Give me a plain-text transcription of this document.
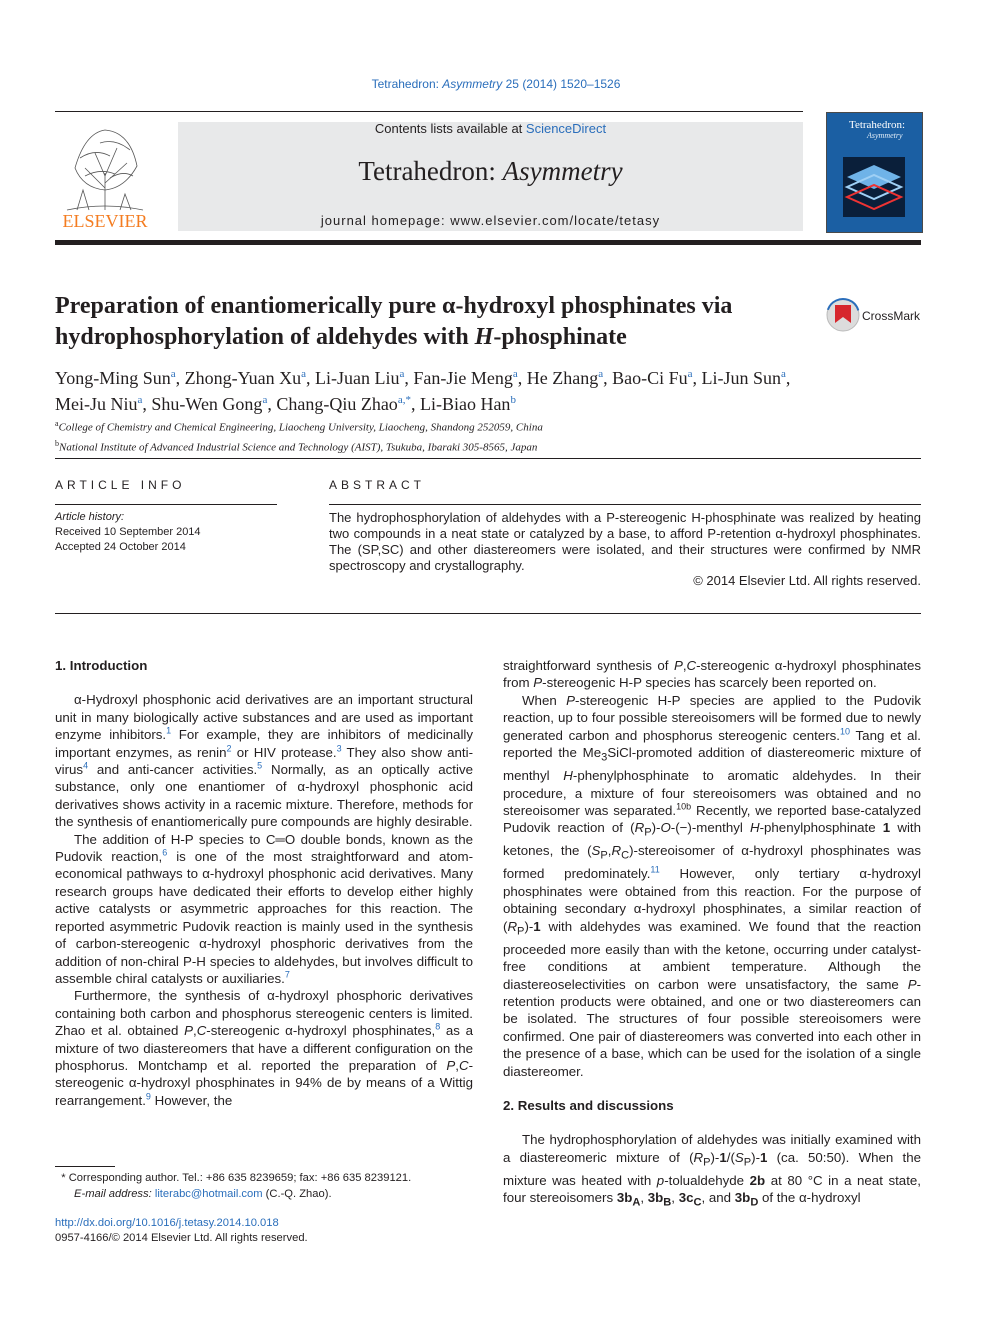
Tetrahedron: Asymmetry 25 (2014) 1520–1526
ELSEVIER
Contents lists available at ScienceDirect
Tetrahedron: Asymmetry
journal homepage: www.elsevier.com/locate/tetasy
Tetrahedron:
Asymmetry
Preparation of enantiomerically pure α-hydroxyl phosphinates via
hydrophosphorylation of aldehydes with H-phosphinate
CrossMark
Yong-Ming Sun$^a$, Zhong-Yuan Xu$^a$, Li-Juan Liu$^a$, Fan-Jie Meng$^a$, He Zhang$^a$, Bao-Ci Fu$^a$, Li-Jun Sun$^a$,
Mei-Ju Niu$^a$, Shu-Wen Gong$^a$, Chang-Qiu Zhao$^{a,*}$, Li-Biao Han$^b$
$^a$College of Chemistry and Chemical Engineering, Liaocheng University, Liaocheng, Shandong 252059, China
$^b$National Institute of Advanced Industrial Science and Technology (AIST), Tsukuba, Ibaraki 305-8565, Japan
ARTICLE INFO
Article history:
Received 10 September 2014
Accepted 24 October 2014
ABSTRACT
The hydrophosphorylation of aldehydes with a P-stereogenic H-phosphinate was realized by heating two compounds in a neat state or catalyzed by a base, to afford P-retention α-hydroxyl phosphinates. The (SP,SC) and other diastereomers were isolated, and their structures were confirmed by NMR spectroscopy and crystallography.
© 2014 Elsevier Ltd. All rights reserved.
1. Introduction

α-Hydroxyl phosphonic acid derivatives are an important structural unit in many biologically active substances and are used as important enzyme inhibitors.$^1$ For example, they are inhibitors of medicinally important enzymes, as renin$^2$ or HIV protease.$^3$ They also show anti-virus$^4$ and anti-cancer activities.$^5$ Normally, as an optically active substance, only one enantiomer of α-hydroxyl phosphonic acid derivatives shows activity in a racemic mixture. Therefore, methods for the synthesis of enantiomerically pure compounds are highly desirable.

The addition of H-P species to C═O double bonds, known as the Pudovik reaction,$^6$ is one of the most straightforward and atom-economical pathways to α-hydroxyl phosphonic acid derivatives. Many research groups have dedicated their efforts to develop either highly active catalysts or asymmetric approaches for this reaction. The reported asymmetric Pudovik reaction is mainly used in the synthesis of carbon-stereogenic α-hydroxyl phosphoric derivatives from the addition of non-chiral P-H species to aldehydes, but involves difficult to assemble chiral catalysts or auxiliaries.$^7$

Furthermore, the synthesis of α-hydroxyl phosphoric derivatives containing both carbon and phosphorus stereogenic centers is limited. Zhao et al. obtained P,C-stereogenic α-hydroxyl phosphinates,$^8$ as a mixture of two diastereomers that have a different configuration on the phosphorus. Montchamp et al. reported the preparation of P,C-stereogenic α-hydroxyl phosphinates in 94% de by means of a Wittig rearrangement.$^9$ However, the

straightforward synthesis of P,C-stereogenic α-hydroxyl phosphinates from P-stereogenic H-P species has scarcely been reported on.

When P-stereogenic H-P species are applied to the Pudovik reaction, up to four possible stereoisomers will be formed due to newly generated carbon and phosphorus stereogenic centers.$^{10}$ Tang et al. reported the $Me_3SiCl$-promoted addition of diastereomeric mixture of menthyl H-phenylphosphinate to aromatic aldehydes. In their procedure, a mixture of four stereoisomers was obtained and no stereoisomer was separated.$^{10b}$ Recently, we reported base-catalyzed Pudovik reaction of $(R_P)-O-(-)$-menthyl H-phenylphosphinate 1 with ketones, the $(S_P,R_C)$-stereoisomer of α-hydroxyl phosphinates was formed predominately.$^{11}$ However, only tertiary α-hydroxyl phosphinates were obtained from this reaction. For the purpose of obtaining secondary α-hydroxyl phosphinates, a similar reaction of $(R_P)-1$ with aldehydes was examined. We found that the reaction proceeded more easily than with the ketone, occurring under catalyst-free conditions at ambient temperature. Although the diastereoselectivities on carbon were unsatisfactory, the same P-retention products were obtained, and one or two diastereomers can be isolated. The structures of four possible stereoisomers were confirmed. One pair of diastereomers was converted into each other in the presence of a base, which can be used for the isolation of a single diastereomer.

2. Results and discussions

The hydrophosphorylation of aldehydes was initially examined with a diastereomeric mixture of $(R_P)-1/(S_P)-1$ (ca. 50:50). When the mixture was heated with p-tolualdehyde 2b at 80 °C in a neat state, four stereoisomers $3b_A$, $3b_B$, $3c_C$, and $3b_D$ of the α-hydroxyl

* Corresponding author. Tel.: +86 635 8239659; fax: +86 635 8239121.
E-mail address: literabc@hotmail.com (C.-Q. Zhao).
http://dx.doi.org/10.1016/j.tetasy.2014.10.018
0957-4166/© 2014 Elsevier Ltd. All rights reserved.
